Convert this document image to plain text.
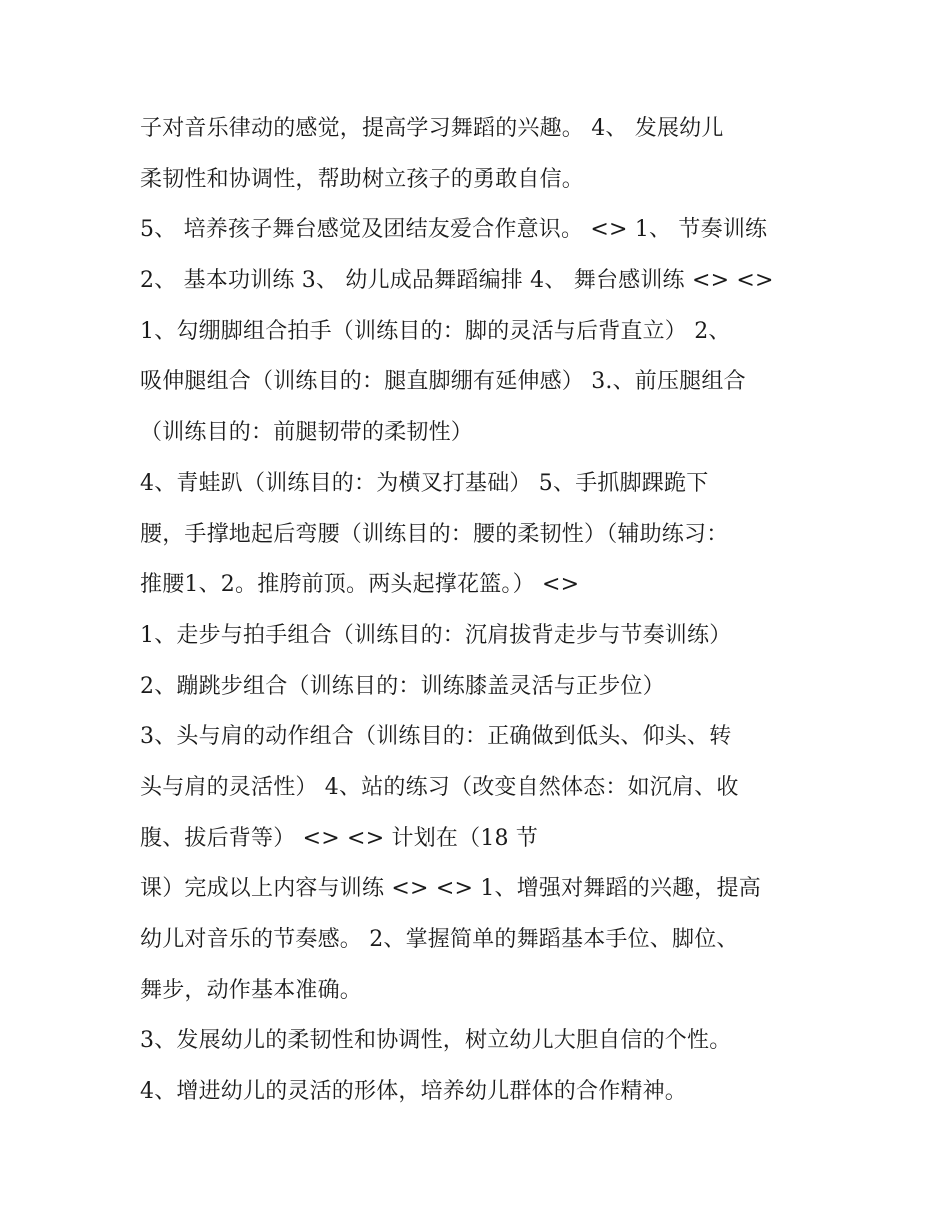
子对音乐律动的感觉，提高学习舞蹈的兴趣。 4、 发展幼儿
柔韧性和协调性，帮助树立孩子的勇敢自信。
5、 培养孩子舞台感觉及团结友爱合作意识。 <> 1、 节奏训练
2、 基本功训练 3、 幼儿成品舞蹈编排 4、 舞台感训练 <> <>
1、勾绷脚组合拍手（训练目的：脚的灵活与后背直立） 2、
吸伸腿组合（训练目的：腿直脚绷有延伸感） 3.、前压腿组合
（训练目的：前腿韧带的柔韧性）
4、青蛙趴（训练目的：为横叉打基础） 5、手抓脚踝跪下
腰，手撑地起后弯腰（训练目的：腰的柔韧性）（辅助练习：
推腰1、2。推胯前顶。两头起撑花篮。） <>
1、走步与拍手组合（训练目的：沉肩拔背走步与节奏训练）
2、蹦跳步组合（训练目的：训练膝盖灵活与正步位）
3、头与肩的动作组合（训练目的：正确做到低头、仰头、转
头与肩的灵活性） 4、站的练习（改变自然体态：如沉肩、收
腹、拔后背等） <> <> 计划在（18 节
课）完成以上内容与训练 <> <> 1、增强对舞蹈的兴趣，提高
幼儿对音乐的节奏感。 2、掌握简单的舞蹈基本手位、脚位、
舞步，动作基本准确。
3、发展幼儿的柔韧性和协调性，树立幼儿大胆自信的个性。
4、增进幼儿的灵活的形体，培养幼儿群体的合作精神。
